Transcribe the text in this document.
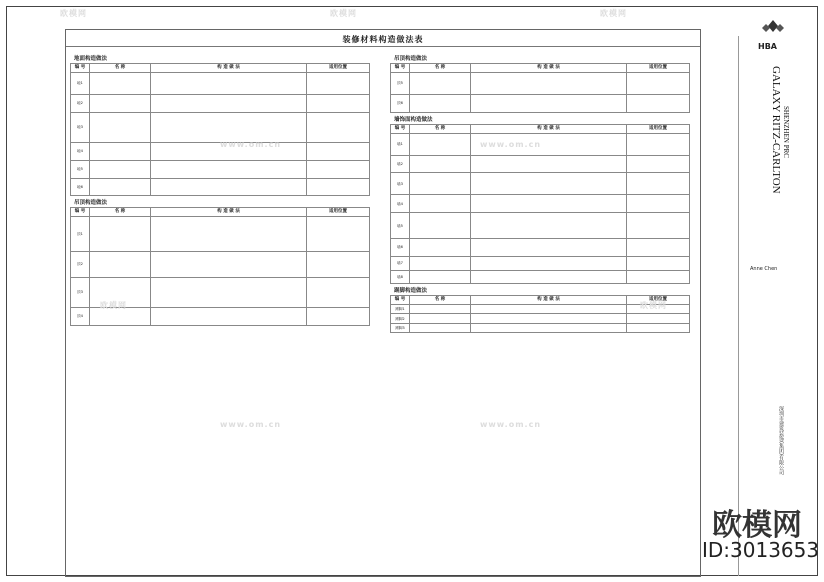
装修材料构造做法表
地面构造做法
编 号	名 称	构 造 做 法	适用位置
地1		

地2		

地3		

地4		

地5		

地6		

吊顶构造做法
编 号	名 称	构 造 做 法	适用位置
顶1		

顶2		

顶3		

顶4		

吊顶构造做法
编 号	名 称	构 造 做 法	适用位置
顶5		

顶6		

墙饰面构造做法
编 号	名 称	构 造 做 法	适用位置
墙1		

墙2		

墙3		

墙4		

墙5		

墙6		

墙7		

墙8		

踢脚构造做法
编 号	名 称	构 造 做 法	适用位置
踢脚1		

踢脚2		

踢脚3		

HBA
GALAXY RITZ-CARLTON SHENZHEN PRC
Anne Chen
深圳市建筑装饰(集团)有限公司
欧模网	欧模网	欧模网
www.om.cn	www.om.cn
欧模网	欧模网
www.om.cn	www.om.cn
欧模网
ID:3013653
